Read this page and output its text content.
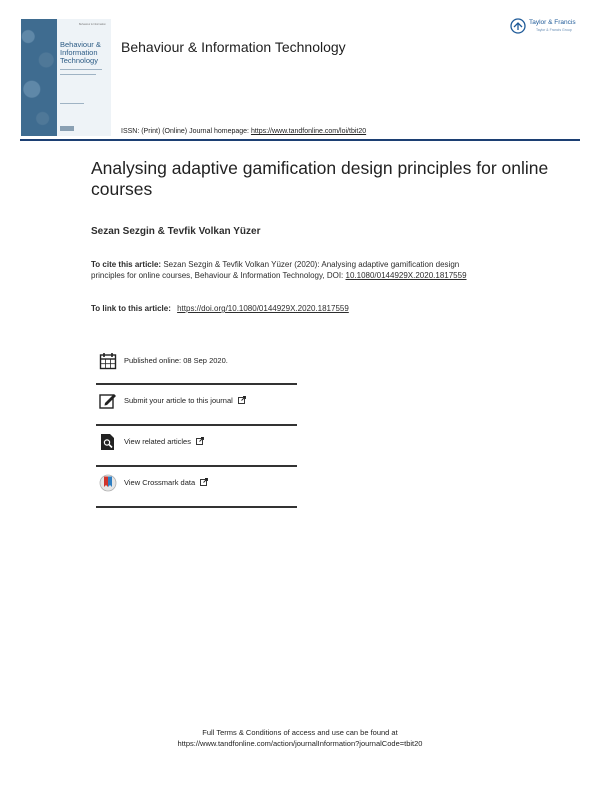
Behaviour & Information
Behaviour &
Information
Technology
Behaviour & Information Technology
Taylor & Francis
Taylor & Francis Group
ISSN: (Print) (Online) Journal homepage: https://www.tandfonline.com/loi/tbit20
Analysing adaptive gamification design principles for online courses
Sezan Sezgin & Tevfik Volkan Yüzer
To cite this article: Sezan Sezgin & Tevfik Volkan Yüzer (2020): Analysing adaptive gamification design principles for online courses, Behaviour & Information Technology, DOI: 10.1080/0144929X.2020.1817559
To link to this article: https://doi.org/10.1080/0144929X.2020.1817559
Published online: 08 Sep 2020.
Submit your article to this journal
View related articles
View Crossmark data
Full Terms & Conditions of access and use can be found at
https://www.tandfonline.com/action/journalInformation?journalCode=tbit20
